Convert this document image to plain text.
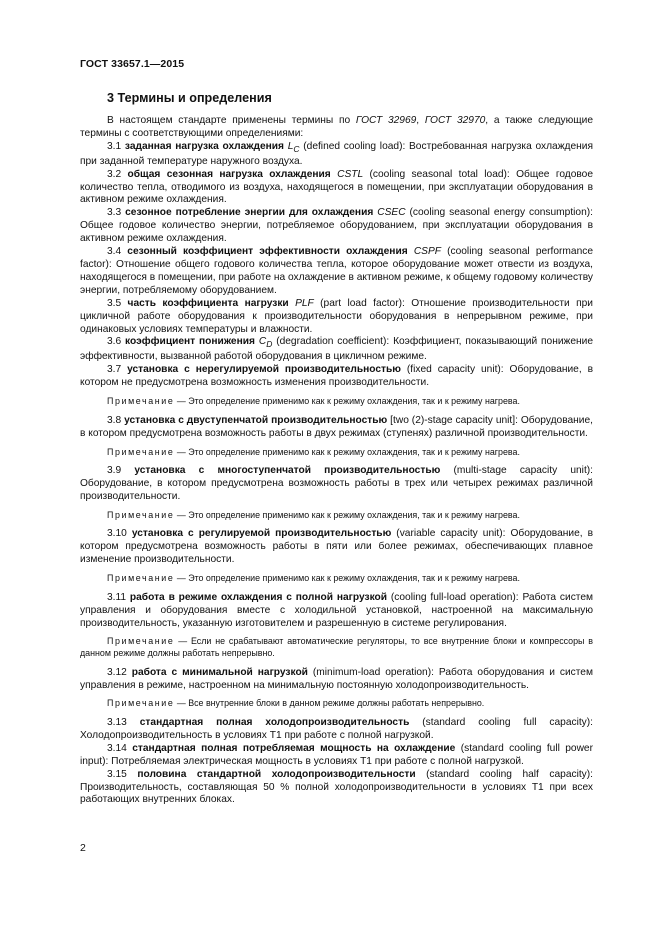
ГОСТ 33657.1—2015
3 Термины и определения

В настоящем стандарте применены термины по ГОСТ 32969, ГОСТ 32970, а также следующие термины с соответствующими определениями:

3.1 заданная нагрузка охлаждения $L_C$ (defined cooling load): Востребованная нагрузка охлаждения при заданной температуре наружного воздуха.

3.2 общая сезонная нагрузка охлаждения CSTL (cooling seasonal total load): Общее годовое количество тепла, отводимого из воздуха, находящегося в помещении, при эксплуатации оборудования в активном режиме охлаждения.

3.3 сезонное потребление энергии для охлаждения CSEC (cooling seasonal energy consumption): Общее годовое количество энергии, потребляемое оборудованием, при эксплуатации оборудования в активном режиме охлаждения.

3.4 сезонный коэффициент эффективности охлаждения CSPF (cooling seasonal performance factor): Отношение общего годового количества тепла, которое оборудование может отвести из воздуха, находящегося в помещении, при работе на охлаждение в активном режиме, к общему годовому количеству энергии, потребляемому оборудованием.

3.5 часть коэффициента нагрузки PLF (part load factor): Отношение производительности при цикличной работе оборудования к производительности оборудования в непрерывном режиме, при одинаковых условиях температуры и влажности.

3.6 коэффициент понижения $C_D$ (degradation coefficient): Коэффициент, показывающий понижение эффективности, вызванной работой оборудования в цикличном режиме.

3.7 установка с нерегулируемой производительностью (fixed capacity unit): Оборудование, в котором не предусмотрена возможность изменения производительности.

Примечание — Это определение применимо как к режиму охлаждения, так и к режиму нагрева.

3.8 установка с двуступенчатой производительностью [two (2)-stage capacity unit]: Оборудование, в котором предусмотрена возможность работы в двух режимах (ступенях) различной производительности.

Примечание — Это определение применимо как к режиму охлаждения, так и к режиму нагрева.

3.9 установка с многоступенчатой производительностью (multi-stage capacity unit): Оборудование, в котором предусмотрена возможность работы в трех или четырех режимах различной производительности.

Примечание — Это определение применимо как к режиму охлаждения, так и к режиму нагрева.

3.10 установка с регулируемой производительностью (variable capacity unit): Оборудование, в котором предусмотрена возможность работы в пяти или более режимах, обеспечивающих плавное изменение производительности.

Примечание — Это определение применимо как к режиму охлаждения, так и к режиму нагрева.

3.11 работа в режиме охлаждения с полной нагрузкой (cooling full-load operation): Работа систем управления и оборудования вместе с холодильной установкой, настроенной на максимальную производительность, указанную изготовителем и разрешенную в системе регулирования.

Примечание — Если не срабатывают автоматические регуляторы, то все внутренние блоки и компрессоры в данном режиме должны работать непрерывно.

3.12 работа с минимальной нагрузкой (minimum-load operation): Работа оборудования и систем управления в режиме, настроенном на минимальную постоянную холодопроизводительность.

Примечание — Все внутренние блоки в данном режиме должны работать непрерывно.

3.13 стандартная полная холодопроизводительность (standard cooling full capacity): Холодопроизводительность в условиях Т1 при работе с полной нагрузкой.

3.14 стандартная полная потребляемая мощность на охлаждение (standard cooling full power input): Потребляемая электрическая мощность в условиях Т1 при работе с полной нагрузкой.

3.15 половина стандартной холодопроизводительности (standard cooling half capacity): Производительность, составляющая 50 % полной холодопроизводительности в условиях Т1 при всех работающих внутренних блоках.

2
